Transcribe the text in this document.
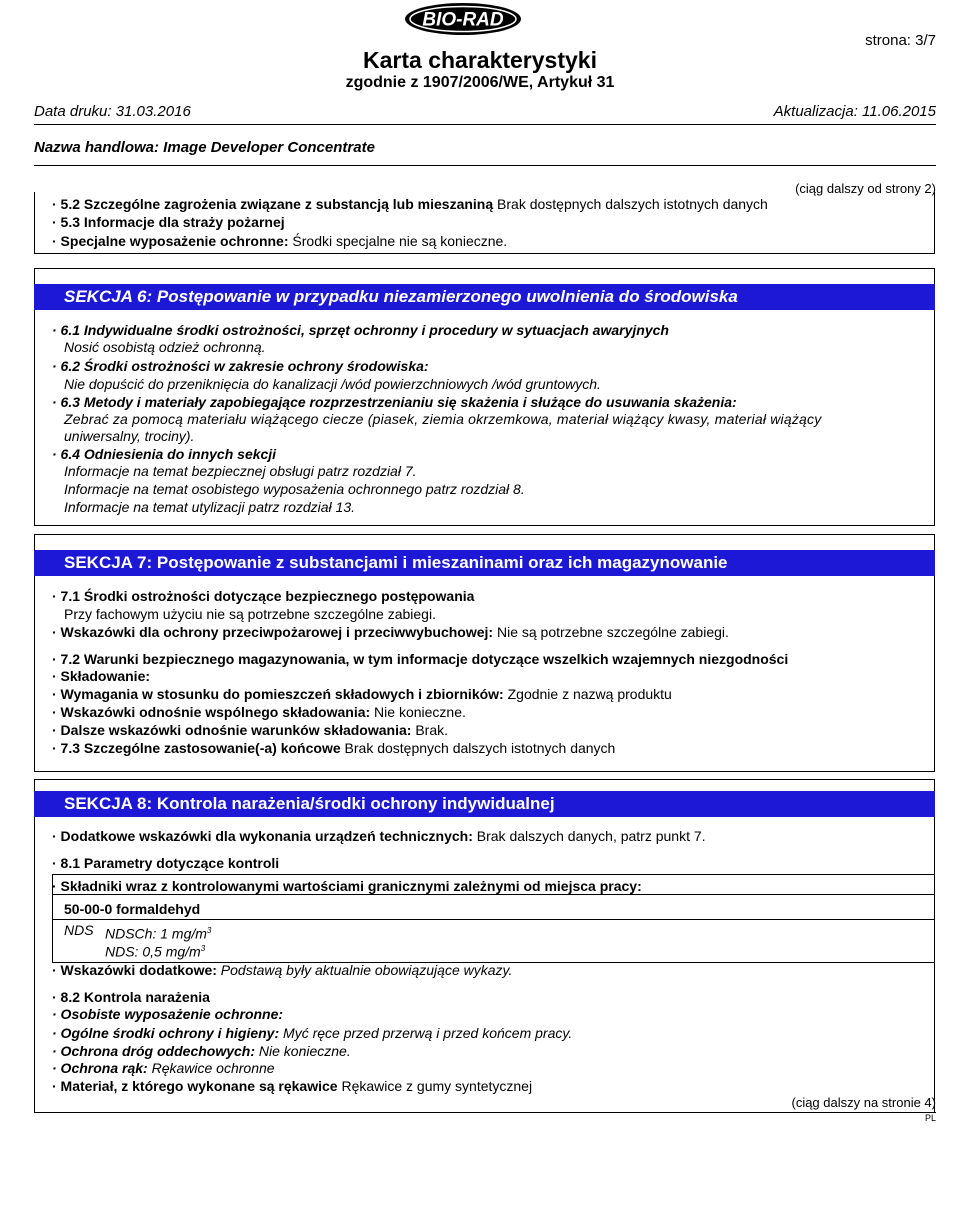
BIO-RAD
strona: 3/7
Karta charakterystyki
zgodnie z 1907/2006/WE, Artykuł 31
Data druku: 31.03.2016	Aktualizacja: 11.06.2015
Nazwa handlowa: Image Developer Concentrate
(ciąg dalszy od strony 2)
· 5.2 Szczególne zagrożenia związane z substancją lub mieszaniną Brak dostępnych dalszych istotnych danych
· 5.3 Informacje dla straży pożarnej
· Specjalne wyposażenie ochronne: Środki specjalne nie są konieczne.
SEKCJA 6: Postępowanie w przypadku niezamierzonego uwolnienia do środowiska
· 6.1 Indywidualne środki ostrożności, sprzęt ochronny i procedury w sytuacjach awaryjnych
Nosić osobistą odzież ochronną.
· 6.2 Środki ostrożności w zakresie ochrony środowiska:
Nie dopuścić do przeniknięcia do kanalizacji /wód powierzchniowych /wód gruntowych.
· 6.3 Metody i materiały zapobiegające rozprzestrzenianiu się skażenia i służące do usuwania skażenia:
Zebrać za pomocą materiału wiążącego ciecze (piasek, ziemia okrzemkowa, materiał wiążący kwasy, materiał wiążący
uniwersalny, trociny).
· 6.4 Odniesienia do innych sekcji
Informacje na temat bezpiecznej obsługi patrz rozdział 7.
Informacje na temat osobistego wyposażenia ochronnego patrz rozdział 8.
Informacje na temat utylizacji patrz rozdział 13.
SEKCJA 7: Postępowanie z substancjami i mieszaninami oraz ich magazynowanie
· 7.1 Środki ostrożności dotyczące bezpiecznego postępowania
Przy fachowym użyciu nie są potrzebne szczególne zabiegi.
· Wskazówki dla ochrony przeciwpożarowej i przeciwwybuchowej: Nie są potrzebne szczególne zabiegi.
· 7.2 Warunki bezpiecznego magazynowania, w tym informacje dotyczące wszelkich wzajemnych niezgodności
· Składowanie:
· Wymagania w stosunku do pomieszczeń składowych i zbiorników: Zgodnie z nazwą produktu
· Wskazówki odnośnie wspólnego składowania: Nie konieczne.
· Dalsze wskazówki odnośnie warunków składowania: Brak.
· 7.3 Szczególne zastosowanie(-a) końcowe Brak dostępnych dalszych istotnych danych
SEKCJA 8: Kontrola narażenia/środki ochrony indywidualnej
· Dodatkowe wskazówki dla wykonania urządzeń technicznych: Brak dalszych danych, patrz punkt 7.
· 8.1 Parametry dotyczące kontroli
· Składniki wraz z kontrolowanymi wartościami granicznymi zależnymi od miejsca pracy:
50-00-0 formaldehyd
NDS NDSCh: 1 $mg/m^3$
NDS: 0,5 $mg/m^3$
· Wskazówki dodatkowe: Podstawą były aktualnie obowiązujące wykazy.
· 8.2 Kontrola narażenia
· Osobiste wyposażenie ochronne:
· Ogólne środki ochrony i higieny: Myć ręce przed przerwą i przed końcem pracy.
· Ochrona dróg oddechowych: Nie konieczne.
· Ochrona rąk: Rękawice ochronne
· Materiał, z którego wykonane są rękawice Rękawice z gumy syntetycznej
(ciąg dalszy na stronie 4)
PL
